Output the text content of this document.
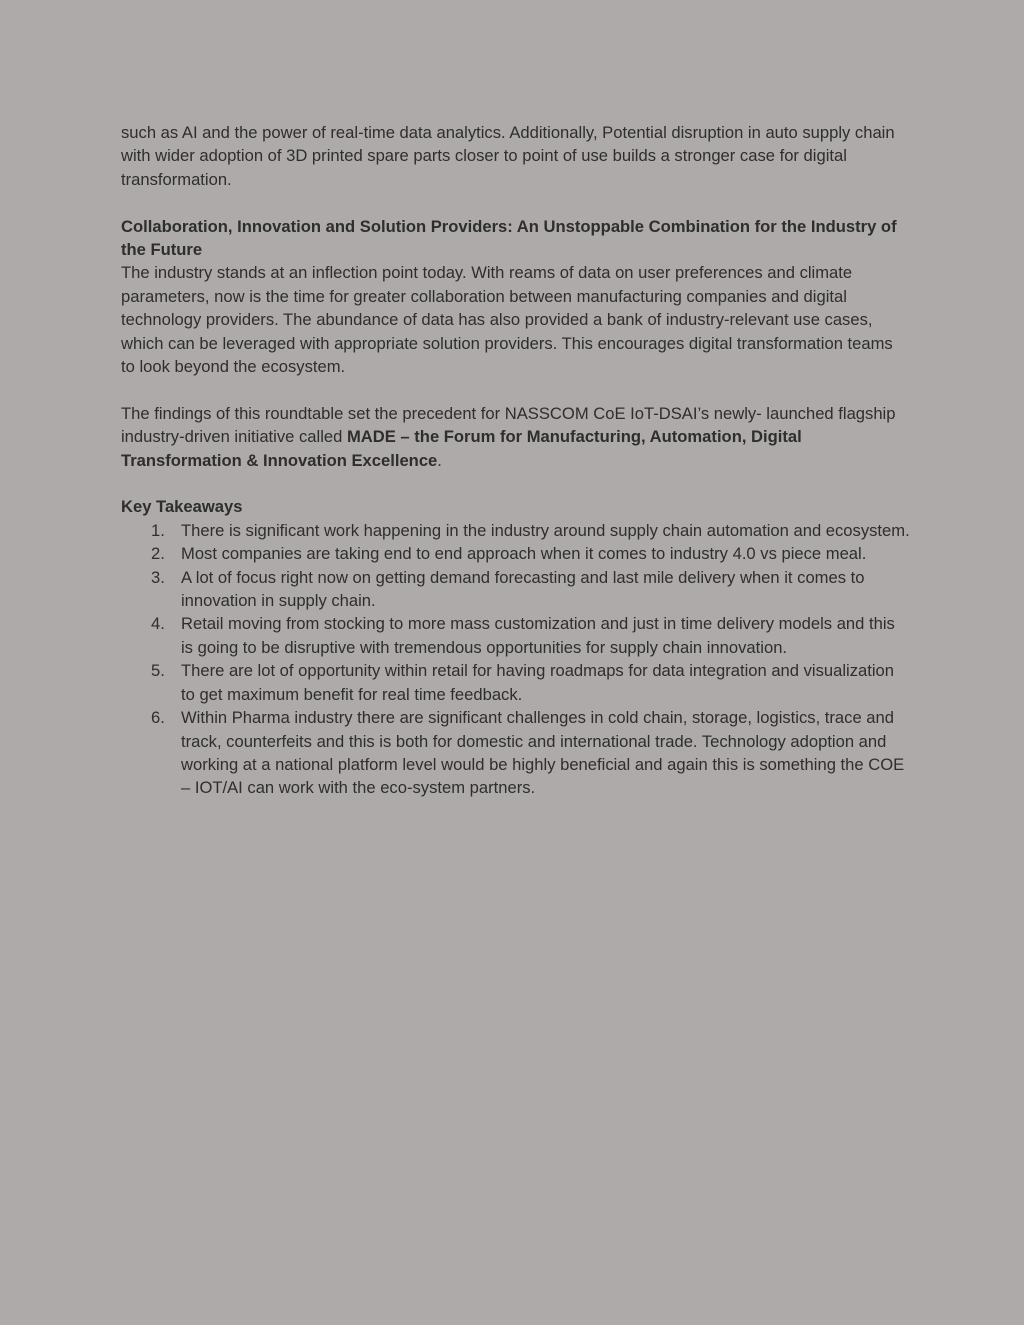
such as AI and the power of real-time data analytics. Additionally, Potential disruption in auto supply chain with wider adoption of 3D printed spare parts closer to point of use builds a stronger case for digital transformation.

Collaboration, Innovation and Solution Providers: An Unstoppable Combination for the Industry of the Future

The industry stands at an inflection point today. With reams of data on user preferences and climate parameters, now is the time for greater collaboration between manufacturing companies and digital technology providers. The abundance of data has also provided a bank of industry-relevant use cases, which can be leveraged with appropriate solution providers. This encourages digital transformation teams to look beyond the ecosystem.

The findings of this roundtable set the precedent for NASSCOM CoE IoT-DSAI’s newly- launched flagship industry-driven initiative called MADE – the Forum for Manufacturing, Automation, Digital Transformation & Innovation Excellence.

Key Takeaways

1. There is significant work happening in the industry around supply chain automation and ecosystem.
2. Most companies are taking end to end approach when it comes to industry 4.0 vs piece meal.
3. A lot of focus right now on getting demand forecasting and last mile delivery when it comes to innovation in supply chain.
4. Retail moving from stocking to more mass customization and just in time delivery models and this is going to be disruptive with tremendous opportunities for supply chain innovation.
5. There are lot of opportunity within retail for having roadmaps for data integration and visualization to get maximum benefit for real time feedback.
6. Within Pharma industry there are significant challenges in cold chain, storage, logistics, trace and track, counterfeits and this is both for domestic and international trade. Technology adoption and working at a national platform level would be highly beneficial and again this is something the COE – IOT/AI can work with the eco-system partners.
